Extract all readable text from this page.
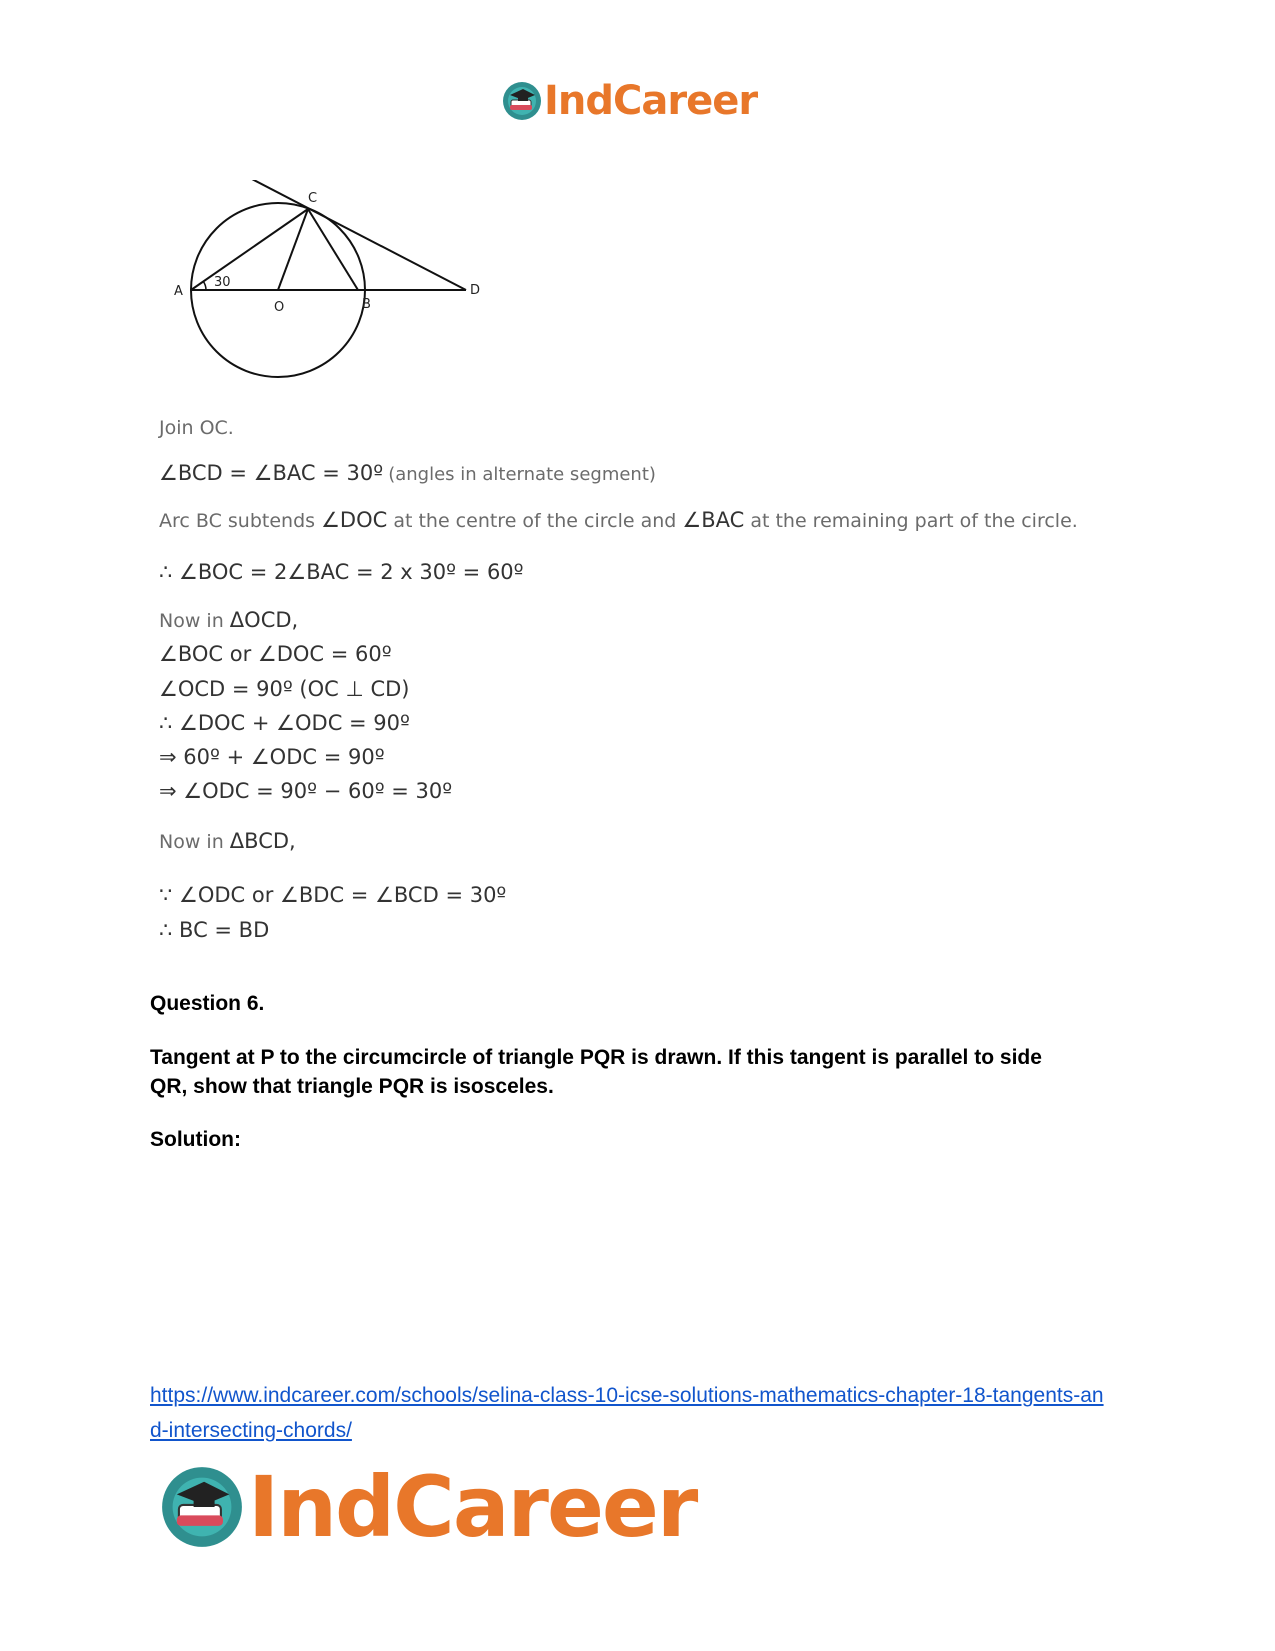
IndCareer
A
B
C
D
O
30
Join OC.
∠BCD = ∠BAC = 30º (angles in alternate segment)
Arc BC subtends ∠DOC at the centre of the circle and ∠BAC at the remaining part of the circle.
∴ ∠BOC = 2∠BAC = 2 x 30º = 60º
Now in ΔOCD,
∠BOC or ∠DOC = 60º
∠OCD = 90º (OC ⊥ CD)
∴ ∠DOC + ∠ODC = 90º
⇒ 60º + ∠ODC = 90º
⇒ ∠ODC = 90º − 60º = 30º
Now in ΔBCD,
∵ ∠ODC or ∠BDC = ∠BCD = 30º
∴ BC = BD
Question 6.
Tangent at P to the circumcircle of triangle PQR is drawn. If this tangent is parallel to side
QR, show that triangle PQR is isosceles.
Solution:
https://www.indcareer.com/schools/selina-class-10-icse-solutions-mathematics-chapter-18-tangents-and-intersecting-chords/
IndCareer
